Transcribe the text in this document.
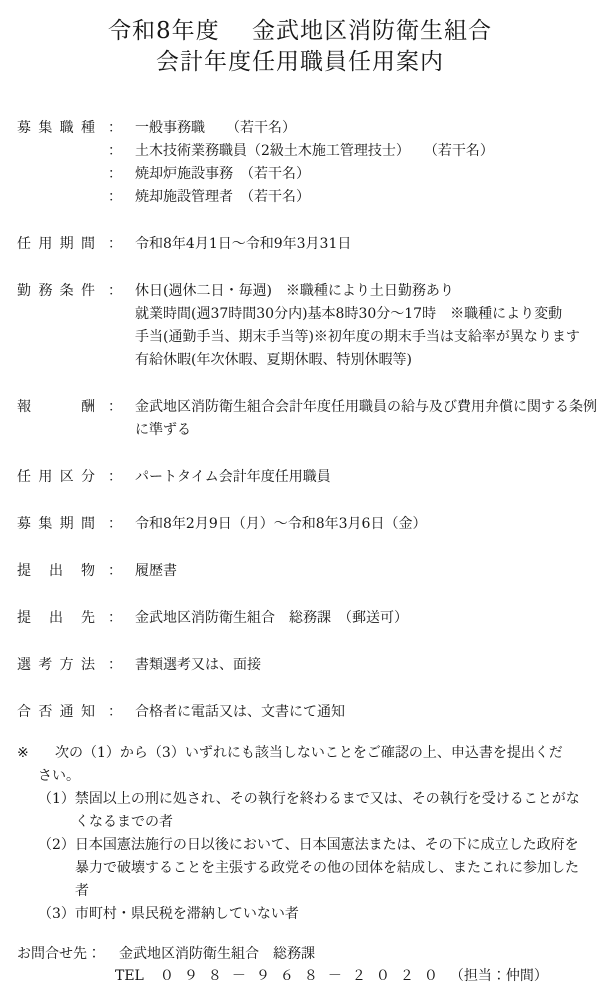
令和8年度　 金武地区消防衛生組合
会計年度任用職員任用案内
募集職種 ： 一般事務職　　（若干名）
： 土木技術業務職員（2級土木施工管理技士）　　（若干名）
： 焼却炉施設事務　（若干名）
： 焼却施設管理者　（若干名）
任用期間 ： 令和8年4月1日～令和9年3月31日
勤務条件 ： 休日(週休二日・毎週)　※職種により土日勤務あり
就業時間(週37時間30分内)基本8時30分～17時　※職種により変動
手当(通勤手当、期末手当等)※初年度の期末手当は支給率が異なります
有給休暇(年次休暇、夏期休暇、特別休暇等)
報　酬 ： 金武地区消防衛生組合会計年度任用職員の給与及び費用弁償に関する条例
に準ずる
任用区分 ： パートタイム会計年度任用職員
募集期間 ： 令和8年2月9日（月）～令和8年3月6日（金）
提 出 物 ： 履歴書
提 出 先 ： 金武地区消防衛生組合　総務課　（郵送可）
選考方法 ： 書類選考又は、面接
合否通知 ： 合格者に電話又は、文書にて通知
※	次の（1）から（3）いずれにも該当しないことをご確認の上、申込書を提出くだ
さい。
（1）禁固以上の刑に処され、その執行を終わるまで又は、その執行を受けることがな
くなるまでの者
（2）日本国憲法施行の日以後において、日本国憲法または、その下に成立した政府を
暴力で破壊することを主張する政党その他の団体を結成し、またこれに参加した
者
（3）市町村・県民税を滞納していない者
お問合せ先： 金武地区消防衛生組合　総務課
TEL ０９８－９６８－２０２０ （担当：仲間）
